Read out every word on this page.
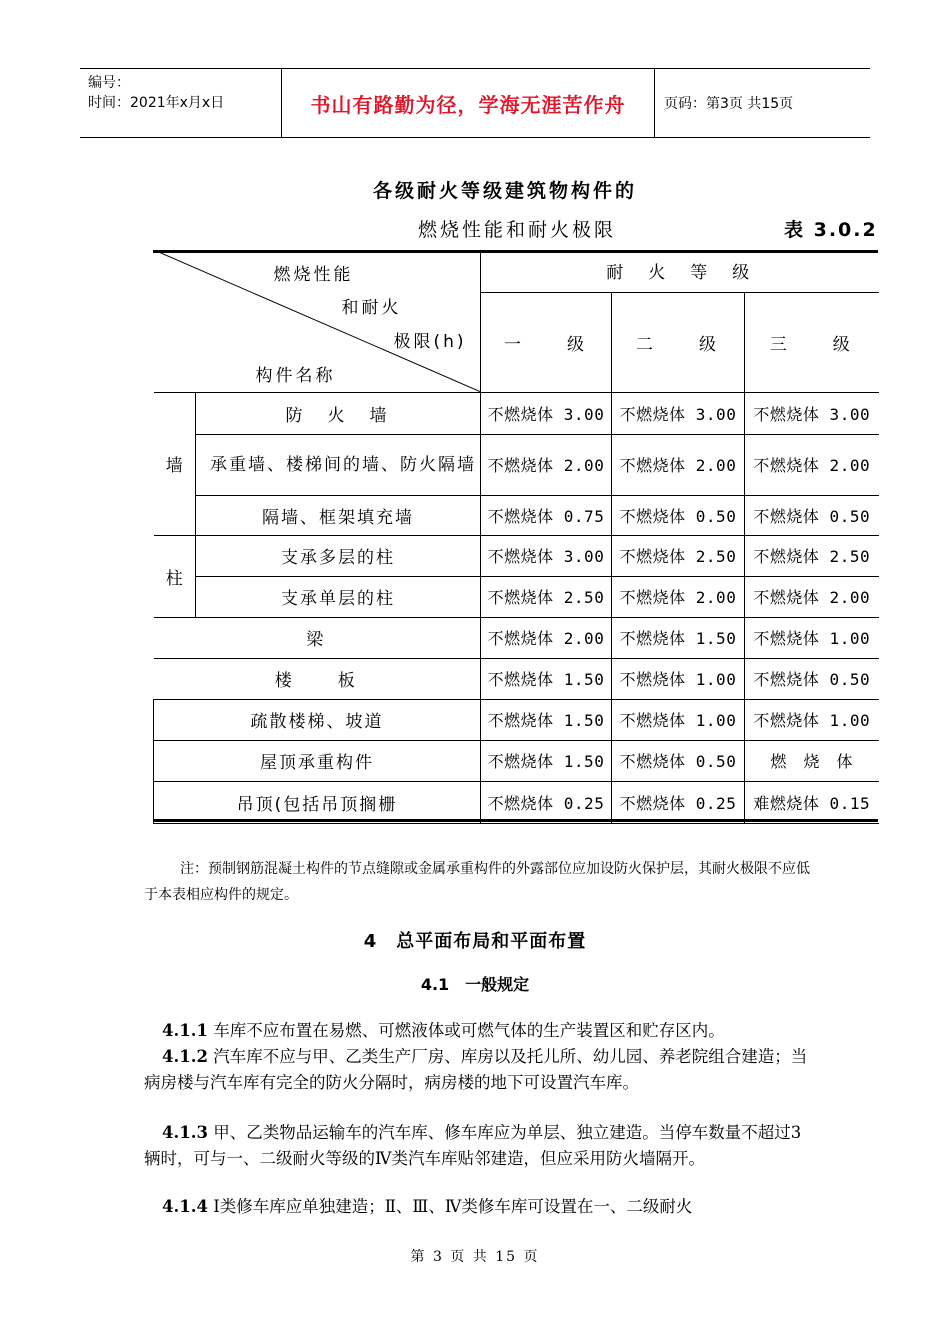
编号：
时间：2021年x月x日	书山有路勤为径，学海无涯苦作舟	页码：第3页 共15页
各级耐火等级建筑物构件的
燃烧性能和耐火极限	表 3.0.2
燃烧性能
和耐火
极限(h)
构件名称		耐　火　等　级		
		一　　级	二　　级	三　　级
墙	防　火　墙	不燃烧体 3.00	不燃烧体 3.00	不燃烧体 3.00
	承重墙、楼梯间的墙、防火隔墙	不燃烧体 2.00	不燃烧体 2.00	不燃烧体 2.00
	隔墙、框架填充墙	不燃烧体 0.75	不燃烧体 0.50	不燃烧体 0.50
柱	支承多层的柱	不燃烧体 3.00	不燃烧体 2.50	不燃烧体 2.50
	支承单层的柱	不燃烧体 2.50	不燃烧体 2.00	不燃烧体 2.00
梁		不燃烧体 2.00	不燃烧体 1.50	不燃烧体 1.00
楼　　板		不燃烧体 1.50	不燃烧体 1.00	不燃烧体 0.50
疏散楼梯、坡道		不燃烧体 1.50	不燃烧体 1.00	不燃烧体 1.00
屋顶承重构件		不燃烧体 1.50	不燃烧体 0.50	燃　烧　体
吊顶(包括吊顶搁栅		不燃烧体 0.25	不燃烧体 0.25	难燃烧体 0.15
注：预制钢筋混凝土构件的节点缝隙或金属承重构件的外露部位应加设防火保护层，其耐火极限不应低于本表相应构件的规定。
4　总平面布局和平面布置
4.1　一般规定
4.1.1 车库不应布置在易燃、可燃液体或可燃气体的生产装置区和贮存区内。
4.1.2 汽车库不应与甲、乙类生产厂房、库房以及托儿所、幼儿园、养老院组合建造；当病房楼与汽车库有完全的防火分隔时，病房楼的地下可设置汽车库。
4.1.3 甲、乙类物品运输车的汽车库、修车库应为单层、独立建造。当停车数量不超过3辆时，可与一、二级耐火等级的Ⅳ类汽车库贴邻建造，但应采用防火墙隔开。
4.1.4 Ⅰ类修车库应单独建造；Ⅱ、Ⅲ、Ⅳ类修车库可设置在一、二级耐火
第 3 页 共 15 页
